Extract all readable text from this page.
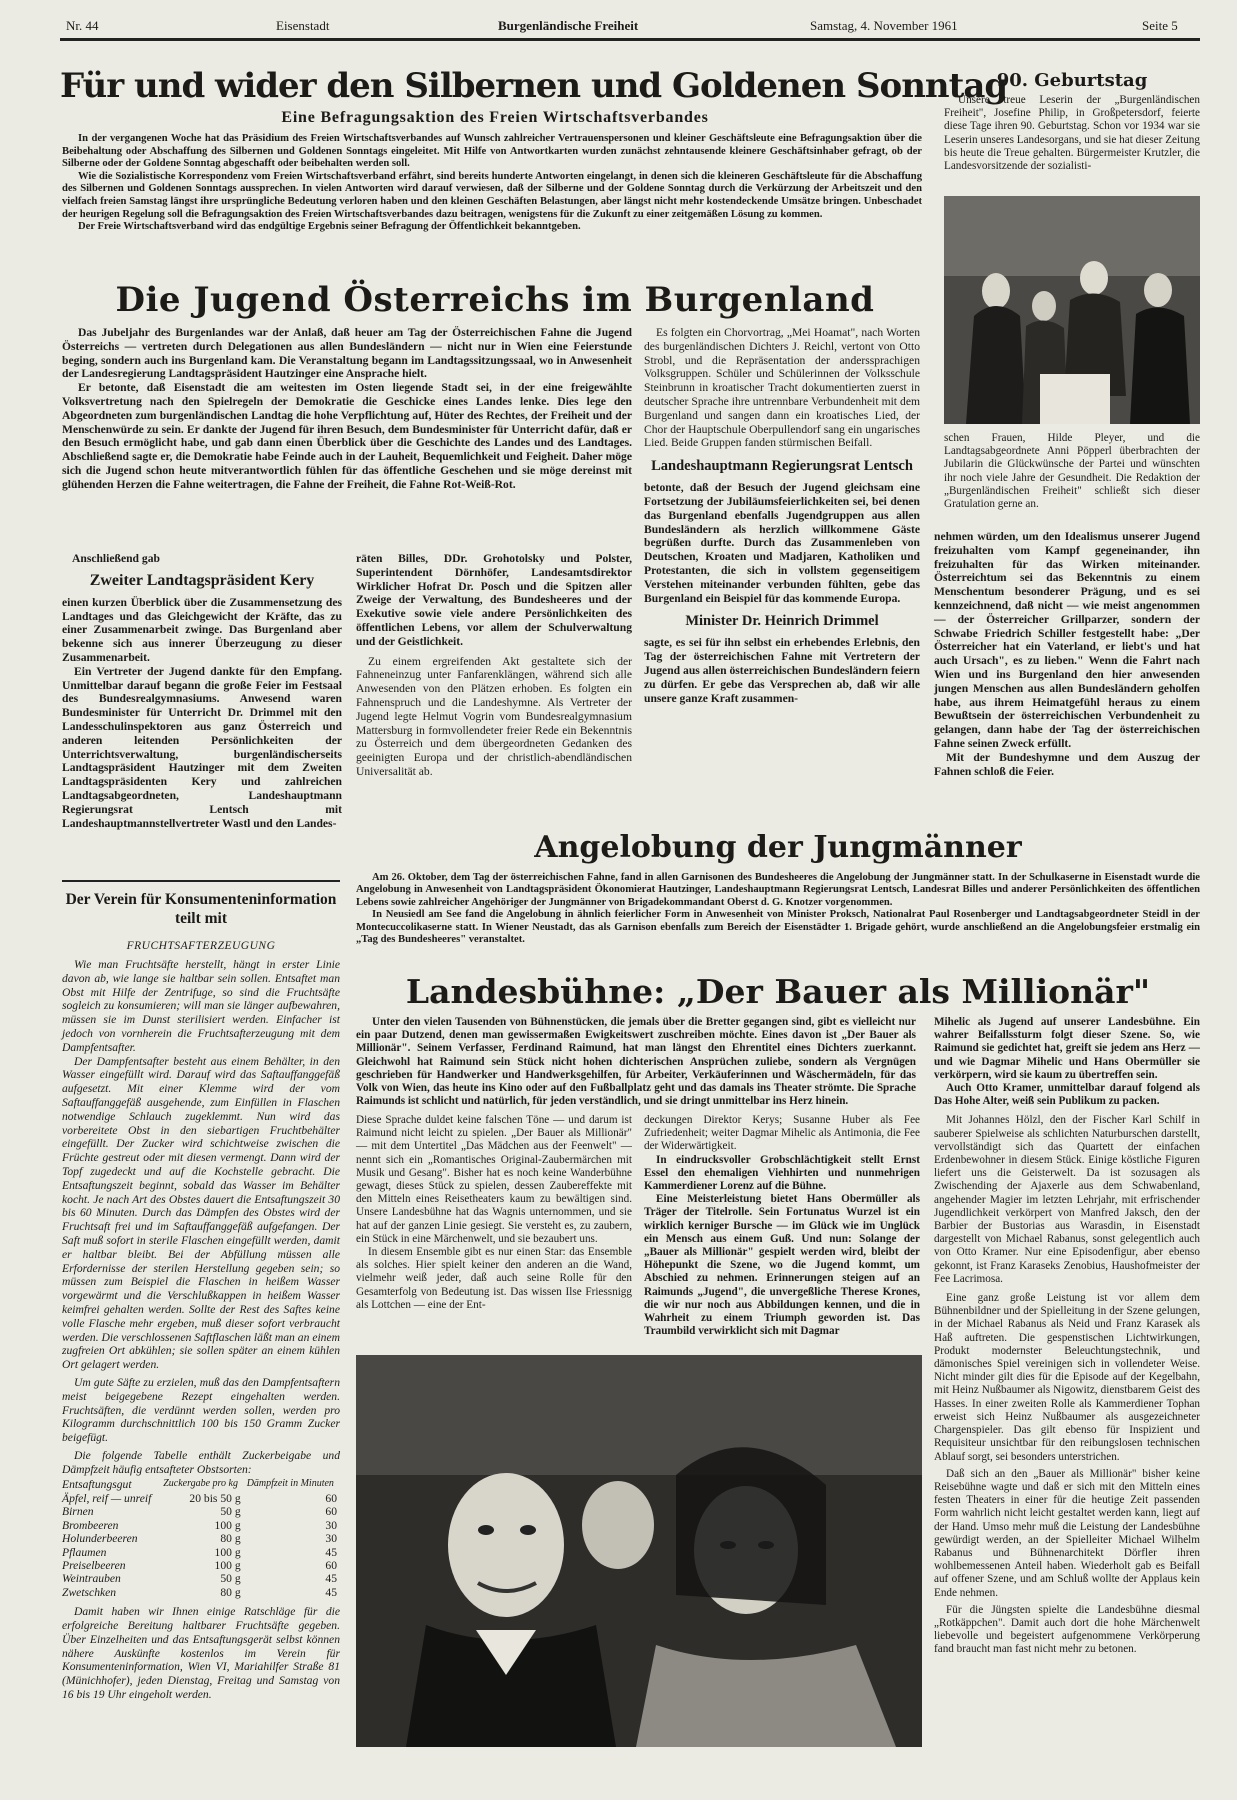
Nr. 44	Eisenstadt	Burgenländische Freiheit	Samstag, 4. November 1961	Seite 5
Für und wider den Silbernen und Goldenen Sonntag
Eine Befragungsaktion des Freien Wirtschaftsverbandes

In der vergangenen Woche hat das Präsidium des Freien Wirtschaftsverbandes auf Wunsch zahlreicher Vertrauenspersonen und kleiner Geschäftsleute eine Befragungsaktion über die Beibehaltung oder Abschaffung des Silbernen und Goldenen Sonntags eingeleitet. Mit Hilfe von Antwortkarten wurden zunächst zehntausende kleinere Geschäftsinhaber gefragt, ob der Silberne oder der Goldene Sonntag abgeschafft oder beibehalten werden soll.

Wie die Sozialistische Korrespondenz vom Freien Wirtschaftsverband erfährt, sind bereits hunderte Antworten eingelangt, in denen sich die kleineren Geschäftsleute für die Abschaffung des Silbernen und Goldenen Sonntags aussprechen. In vielen Antworten wird darauf verwiesen, daß der Silberne und der Goldene Sonntag durch die Verkürzung der Arbeitszeit und den vielfach freien Samstag längst ihre ursprüngliche Bedeutung verloren haben und den kleinen Geschäften Belastungen, aber längst nicht mehr kostendeckende Umsätze bringen. Unbeschadet der heurigen Regelung soll die Befragungsaktion des Freien Wirtschaftsverbandes dazu beitragen, wenigstens für die Zukunft zu einer zeitgemäßen Lösung zu kommen.

Der Freie Wirtschaftsverband wird das endgültige Ergebnis seiner Befragung der Öffentlichkeit bekanntgeben.

90. Geburtstag

Unsere treue Leserin der „Burgenländischen Freiheit", Josefine Philip, in Großpetersdorf, feierte diese Tage ihren 90. Geburtstag. Schon vor 1934 war sie Leserin unseres Landesorgans, und sie hat dieser Zeitung bis heute die Treue gehalten. Bürgermeister Krutzler, die Landesvorsitzende der sozialisti-

schen Frauen, Hilde Pleyer, und die Landtagsabgeordnete Anni Pöpperl überbrachten der Jubilarin die Glückwünsche der Partei und wünschten ihr noch viele Jahre der Gesundheit. Die Redaktion der „Burgenländischen Freiheit" schließt sich dieser Gratulation gerne an.

Die Jugend Österreichs im Burgenland

Das Jubeljahr des Burgenlandes war der Anlaß, daß heuer am Tag der Österreichischen Fahne die Jugend Österreichs — vertreten durch Delegationen aus allen Bundesländern — nicht nur in Wien eine Feierstunde beging, sondern auch ins Burgenland kam. Die Veranstaltung begann im Landtagssitzungssaal, wo in Anwesenheit der Landesregierung Landtagspräsident Hautzinger eine Ansprache hielt.

Er betonte, daß Eisenstadt die am weitesten im Osten liegende Stadt sei, in der eine freigewählte Volksvertretung nach den Spielregeln der Demokratie die Geschicke eines Landes lenke. Dies lege den Abgeordneten zum burgenländischen Landtag die hohe Verpflichtung auf, Hüter des Rechtes, der Freiheit und der Menschenwürde zu sein. Er dankte der Jugend für ihren Besuch, dem Bundesminister für Unterricht dafür, daß er den Besuch ermöglicht habe, und gab dann einen Überblick über die Geschichte des Landes und des Landtages. Abschließend sagte er, die Demokratie habe Feinde auch in der Lauheit, Bequemlichkeit und Feigheit. Daher möge sich die Jugend schon heute mitverantwortlich fühlen für das öffentliche Geschehen und sie möge dereinst mit glühenden Herzen die Fahne weitertragen, die Fahne der Freiheit, die Fahne Rot-Weiß-Rot.

Anschließend gab

Zweiter Landtagspräsident Kery

einen kurzen Überblick über die Zusammensetzung des Landtages und das Gleichgewicht der Kräfte, das zu einer Zusammenarbeit zwinge. Das Burgenland aber bekenne sich aus innerer Überzeugung zu dieser Zusammenarbeit.

Ein Vertreter der Jugend dankte für den Empfang. Unmittelbar darauf begann die große Feier im Festsaal des Bundesrealgymnasiums. Anwesend waren Bundesminister für Unterricht Dr. Drimmel mit den Landesschulinspektoren aus ganz Österreich und anderen leitenden Persönlichkeiten der Unterrichtsverwaltung, burgenländischerseits Landtagspräsident Hautzinger mit dem Zweiten Landtagspräsidenten Kery und zahlreichen Landtagsabgeordneten, Landeshauptmann Regierungsrat Lentsch mit Landeshauptmannstellvertreter Wastl und den Landes-

räten Billes, DDr. Grohotolsky und Polster, Superintendent Dörnhöfer, Landesamtsdirektor Wirklicher Hofrat Dr. Posch und die Spitzen aller Zweige der Verwaltung, des Bundesheeres und der Exekutive sowie viele andere Persönlichkeiten des öffentlichen Lebens, vor allem der Schulverwaltung und der Geistlichkeit.

Zu einem ergreifenden Akt gestaltete sich der Fahneneinzug unter Fanfarenklängen, während sich alle Anwesenden von den Plätzen erhoben. Es folgten ein Fahnenspruch und die Landeshymne. Als Vertreter der Jugend legte Helmut Vogrin vom Bundesrealgymnasium Mattersburg in formvollendeter freier Rede ein Bekenntnis zu Österreich und dem übergeordneten Gedanken des geeinigten Europa und der christlich-abendländischen Universalität ab.

Es folgten ein Chorvortrag, „Mei Hoamat", nach Worten des burgenländischen Dichters J. Reichl, vertont von Otto Strobl, und die Repräsentation der anderssprachigen Volksgruppen. Schüler und Schülerinnen der Volksschule Steinbrunn in kroatischer Tracht dokumentierten zuerst in deutscher Sprache ihre untrennbare Verbundenheit mit dem Burgenland und sangen dann ein kroatisches Lied, der Chor der Hauptschule Oberpullendorf sang ein ungarisches Lied. Beide Gruppen fanden stürmischen Beifall.

Landeshauptmann Regierungsrat Lentsch

betonte, daß der Besuch der Jugend gleichsam eine Fortsetzung der Jubiläumsfeierlichkeiten sei, bei denen das Burgenland ebenfalls Jugendgruppen aus allen Bundesländern als herzlich willkommene Gäste begrüßen durfte. Durch das Zusammenleben von Deutschen, Kroaten und Madjaren, Katholiken und Protestanten, die sich in vollstem gegenseitigem Verstehen miteinander verbunden fühlten, gebe das Burgenland ein Beispiel für das kommende Europa.

Minister Dr. Heinrich Drimmel

sagte, es sei für ihn selbst ein erhebendes Erlebnis, den Tag der österreichischen Fahne mit Vertretern der Jugend aus allen österreichischen Bundesländern feiern zu dürfen. Er gebe das Versprechen ab, daß wir alle unsere ganze Kraft zusammen-

nehmen würden, um den Idealismus unserer Jugend freizuhalten vom Kampf gegeneinander, ihn freizuhalten für das Wirken miteinander. Österreichtum sei das Bekenntnis zu einem Menschentum besonderer Prägung, und es sei kennzeichnend, daß nicht — wie meist angenommen — der Österreicher Grillparzer, sondern der Schwabe Friedrich Schiller festgestellt habe: „Der Österreicher hat ein Vaterland, er liebt's und hat auch Ursach", es zu lieben." Wenn die Fahrt nach Wien und ins Burgenland den hier anwesenden jungen Menschen aus allen Bundesländern geholfen habe, aus ihrem Heimatgefühl heraus zu einem Bewußtsein der österreichischen Verbundenheit zu gelangen, dann habe der Tag der österreichischen Fahne seinen Zweck erfüllt.

Mit der Bundeshymne und dem Auszug der Fahnen schloß die Feier.

Der Verein für Konsumenteninformation teilt mit
FRUCHTSAFTERZEUGUNG

Wie man Fruchtsäfte herstellt, hängt in erster Linie davon ab, wie lange sie haltbar sein sollen. Entsaftet man Obst mit Hilfe der Zentrifuge, so sind die Fruchtsäfte sogleich zu konsumieren; will man sie länger aufbewahren, müssen sie im Dunst sterilisiert werden. Einfacher ist jedoch von vornherein die Fruchtsafterzeugung mit dem Dampfentsafter.

Der Dampfentsafter besteht aus einem Behälter, in den Wasser eingefüllt wird. Darauf wird das Saftauffanggefäß aufgesetzt. Mit einer Klemme wird der vom Saftauffanggefäß ausgehende, zum Einfüllen in Flaschen notwendige Schlauch zugeklemmt. Nun wird das vorbereitete Obst in den siebartigen Fruchtbehälter eingefüllt. Der Zucker wird schichtweise zwischen die Früchte gestreut oder mit diesen vermengt. Dann wird der Topf zugedeckt und auf die Kochstelle gebracht. Die Entsaftungszeit beginnt, sobald das Wasser im Behälter kocht. Je nach Art des Obstes dauert die Entsaftungszeit 30 bis 60 Minuten. Durch das Dämpfen des Obstes wird der Fruchtsaft frei und im Saftauffanggefäß aufgefangen. Der Saft muß sofort in sterile Flaschen eingefüllt werden, damit er haltbar bleibt. Bei der Abfüllung müssen alle Erfordernisse der sterilen Herstellung gegeben sein; so müssen zum Beispiel die Flaschen in heißem Wasser vorgewärmt und die Verschlußkappen in heißem Wasser keimfrei gehalten werden. Sollte der Rest des Saftes keine volle Flasche mehr ergeben, muß dieser sofort verbraucht werden. Die verschlossenen Saftflaschen läßt man an einem zugfreien Ort abkühlen; sie sollen später an einem kühlen Ort gelagert werden.

Um gute Säfte zu erzielen, muß das den Dampfentsaftern meist beigegebene Rezept eingehalten werden. Fruchtsäften, die verdünnt werden sollen, werden pro Kilogramm durchschnittlich 100 bis 150 Gramm Zucker beigefügt.

Die folgende Tabelle enthält Zuckerbeigabe und Dämpfzeit häufig entsafteter Obstsorten:

Entsaftungsgut	Zuckergabe pro kg	Dämpfzeit in Minuten
Äpfel, reif — unreif	20 bis 50 g	60
Birnen	50 g	60
Brombeeren	100 g	30
Holunderbeeren	80 g	30
Pflaumen	100 g	45
Preiselbeeren	100 g	60
Weintrauben	50 g	45
Zwetschken	80 g	45

Damit haben wir Ihnen einige Ratschläge für die erfolgreiche Bereitung haltbarer Fruchtsäfte gegeben. Über Einzelheiten und das Entsaftungsgerät selbst können nähere Auskünfte kostenlos im Verein für Konsumenteninformation, Wien VI, Mariahilfer Straße 81 (Münichhofer), jeden Dienstag, Freitag und Samstag von 16 bis 19 Uhr eingeholt werden.

Angelobung der Jungmänner

Am 26. Oktober, dem Tag der österreichischen Fahne, fand in allen Garnisonen des Bundesheeres die Angelobung der Jungmänner statt. In der Schulkaserne in Eisenstadt wurde die Angelobung in Anwesenheit von Landtagspräsident Ökonomierat Hautzinger, Landeshauptmann Regierungsrat Lentsch, Landesrat Billes und anderer Persönlichkeiten des öffentlichen Lebens sowie zahlreicher Angehöriger der Jungmänner von Brigadekommandant Oberst d. G. Knotzer vorgenommen.

In Neusiedl am See fand die Angelobung in ähnlich feierlicher Form in Anwesenheit von Minister Proksch, Nationalrat Paul Rosenberger und Landtagsabgeordneter Steidl in der Montecuccolikaserne statt. In Wiener Neustadt, das als Garnison ebenfalls zum Bereich der Eisenstädter 1. Brigade gehört, wurde anschließend an die Angelobungsfeier erstmalig ein „Tag des Bundesheeres" veranstaltet.

Landesbühne: „Der Bauer als Millionär"

Unter den vielen Tausenden von Bühnenstücken, die jemals über die Bretter gegangen sind, gibt es vielleicht nur ein paar Dutzend, denen man gewissermaßen Ewigkeitswert zuschreiben möchte. Eines davon ist „Der Bauer als Millionär". Seinem Verfasser, Ferdinand Raimund, hat man längst den Ehrentitel eines Dichters zuerkannt. Gleichwohl hat Raimund sein Stück nicht hohen dichterischen Ansprüchen zuliebe, sondern als Vergnügen geschrieben für Handwerker und Handwerksgehilfen, für Arbeiter, Verkäuferinnen und Wäschermädeln, für das Volk von Wien, das heute ins Kino oder auf den Fußballplatz geht und das damals ins Theater strömte. Die Sprache Raimunds ist schlicht und natürlich, für jeden verständlich, und sie dringt unmittelbar ins Herz hinein.

Mihelic als Jugend auf unserer Landesbühne. Ein wahrer Beifallssturm folgt dieser Szene. So, wie Raimund sie gedichtet hat, greift sie jedem ans Herz — und wie Dagmar Mihelic und Hans Obermüller sie verkörpern, wird sie kaum zu übertreffen sein.

Auch Otto Kramer, unmittelbar darauf folgend als Das Hohe Alter, weiß sein Publikum zu packen.

Mit Johannes Hölzl, den der Fischer Karl Schilf in sauberer Spielweise als schlichten Naturburschen darstellt, vervollständigt sich das Quartett der einfachen Erdenbewohner in diesem Stück. Einige köstliche Figuren liefert uns die Geisterwelt. Da ist sozusagen als Zwischending der Ajaxerle aus dem Schwabenland, angehender Magier im letzten Lehrjahr, mit erfrischender Jugendlichkeit verkörpert von Manfred Jaksch, den der Barbier der Bustorias aus Warasdin, in Eisenstadt dargestellt von Michael Rabanus, sonst gelegentlich auch von Otto Kramer. Nur eine Episodenfigur, aber ebenso gekonnt, ist Franz Karaseks Zenobius, Haushofmeister der Fee Lacrimosa.

Eine ganz große Leistung ist vor allem dem Bühnenbildner und der Spielleitung in der Szene gelungen, in der Michael Rabanus als Neid und Franz Karasek als Haß auftreten. Die gespenstischen Lichtwirkungen, Produkt modernster Beleuchtungstechnik, und dämonisches Spiel vereinigen sich in vollendeter Weise. Nicht minder gilt dies für die Episode auf der Kegelbahn, mit Heinz Nußbaumer als Nigowitz, dienstbarem Geist des Hasses. In einer zweiten Rolle als Kammerdiener Tophan erweist sich Heinz Nußbaumer als ausgezeichneter Chargenspieler. Das gilt ebenso für Inspizient und Requisiteur unsichtbar für den reibungslosen technischen Ablauf sorgt, sei besonders unterstrichen.

Daß sich an den „Bauer als Millionär" bisher keine Reisebühne wagte und daß er sich mit den Mitteln eines festen Theaters in einer für die heutige Zeit passenden Form wahrlich nicht leicht gestaltet werden kann, liegt auf der Hand. Umso mehr muß die Leistung der Landesbühne gewürdigt werden, an der Spielleiter Michael Wilhelm Rabanus und Bühnenarchitekt Dörfler ihren wohlbemessenen Anteil haben. Wiederholt gab es Beifall auf offener Szene, und am Schluß wollte der Applaus kein Ende nehmen.

Für die Jüngsten spielte die Landesbühne diesmal „Rotkäppchen". Damit auch dort die hohe Märchenwelt liebevolle und begeistert aufgenommene Verkörperung fand braucht man fast nicht mehr zu betonen.

Diese Sprache duldet keine falschen Töne — und darum ist Raimund nicht leicht zu spielen. „Der Bauer als Millionär" — mit dem Untertitel „Das Mädchen aus der Feenwelt" — nennt sich ein „Romantisches Original-Zaubermärchen mit Musik und Gesang". Bisher hat es noch keine Wanderbühne gewagt, dieses Stück zu spielen, dessen Zaubereffekte mit den Mitteln eines Reisetheaters kaum zu bewältigen sind. Unsere Landesbühne hat das Wagnis unternommen, und sie hat auf der ganzen Linie gesiegt. Sie versteht es, zu zaubern, ein Stück in eine Märchenwelt, und sie bezaubert uns.

In diesem Ensemble gibt es nur einen Star: das Ensemble als solches. Hier spielt keiner den anderen an die Wand, vielmehr weiß jeder, daß auch seine Rolle für den Gesamterfolg von Bedeutung ist. Das wissen Ilse Friessnigg als Lottchen — eine der Ent-

deckungen Direktor Kerys; Susanne Huber als Fee Zufriedenheit; weiter Dagmar Mihelic als Antimonia, die Fee der Widerwärtigkeit.

In eindrucksvoller Grobschlächtigkeit stellt Ernst Essel den ehemaligen Viehhirten und nunmehrigen Kammerdiener Lorenz auf die Bühne.

Eine Meisterleistung bietet Hans Obermüller als Träger der Titelrolle. Sein Fortunatus Wurzel ist ein wirklich kerniger Bursche — im Glück wie im Unglück ein Mensch aus einem Guß. Und nun: Solange der „Bauer als Millionär" gespielt werden wird, bleibt der Höhepunkt die Szene, wo die Jugend kommt, um Abschied zu nehmen. Erinnerungen steigen auf an Raimunds „Jugend", die unvergeßliche Therese Krones, die wir nur noch aus Abbildungen kennen, und die in Wahrheit zu einem Triumph geworden ist. Das Traumbild verwirklicht sich mit Dagmar
